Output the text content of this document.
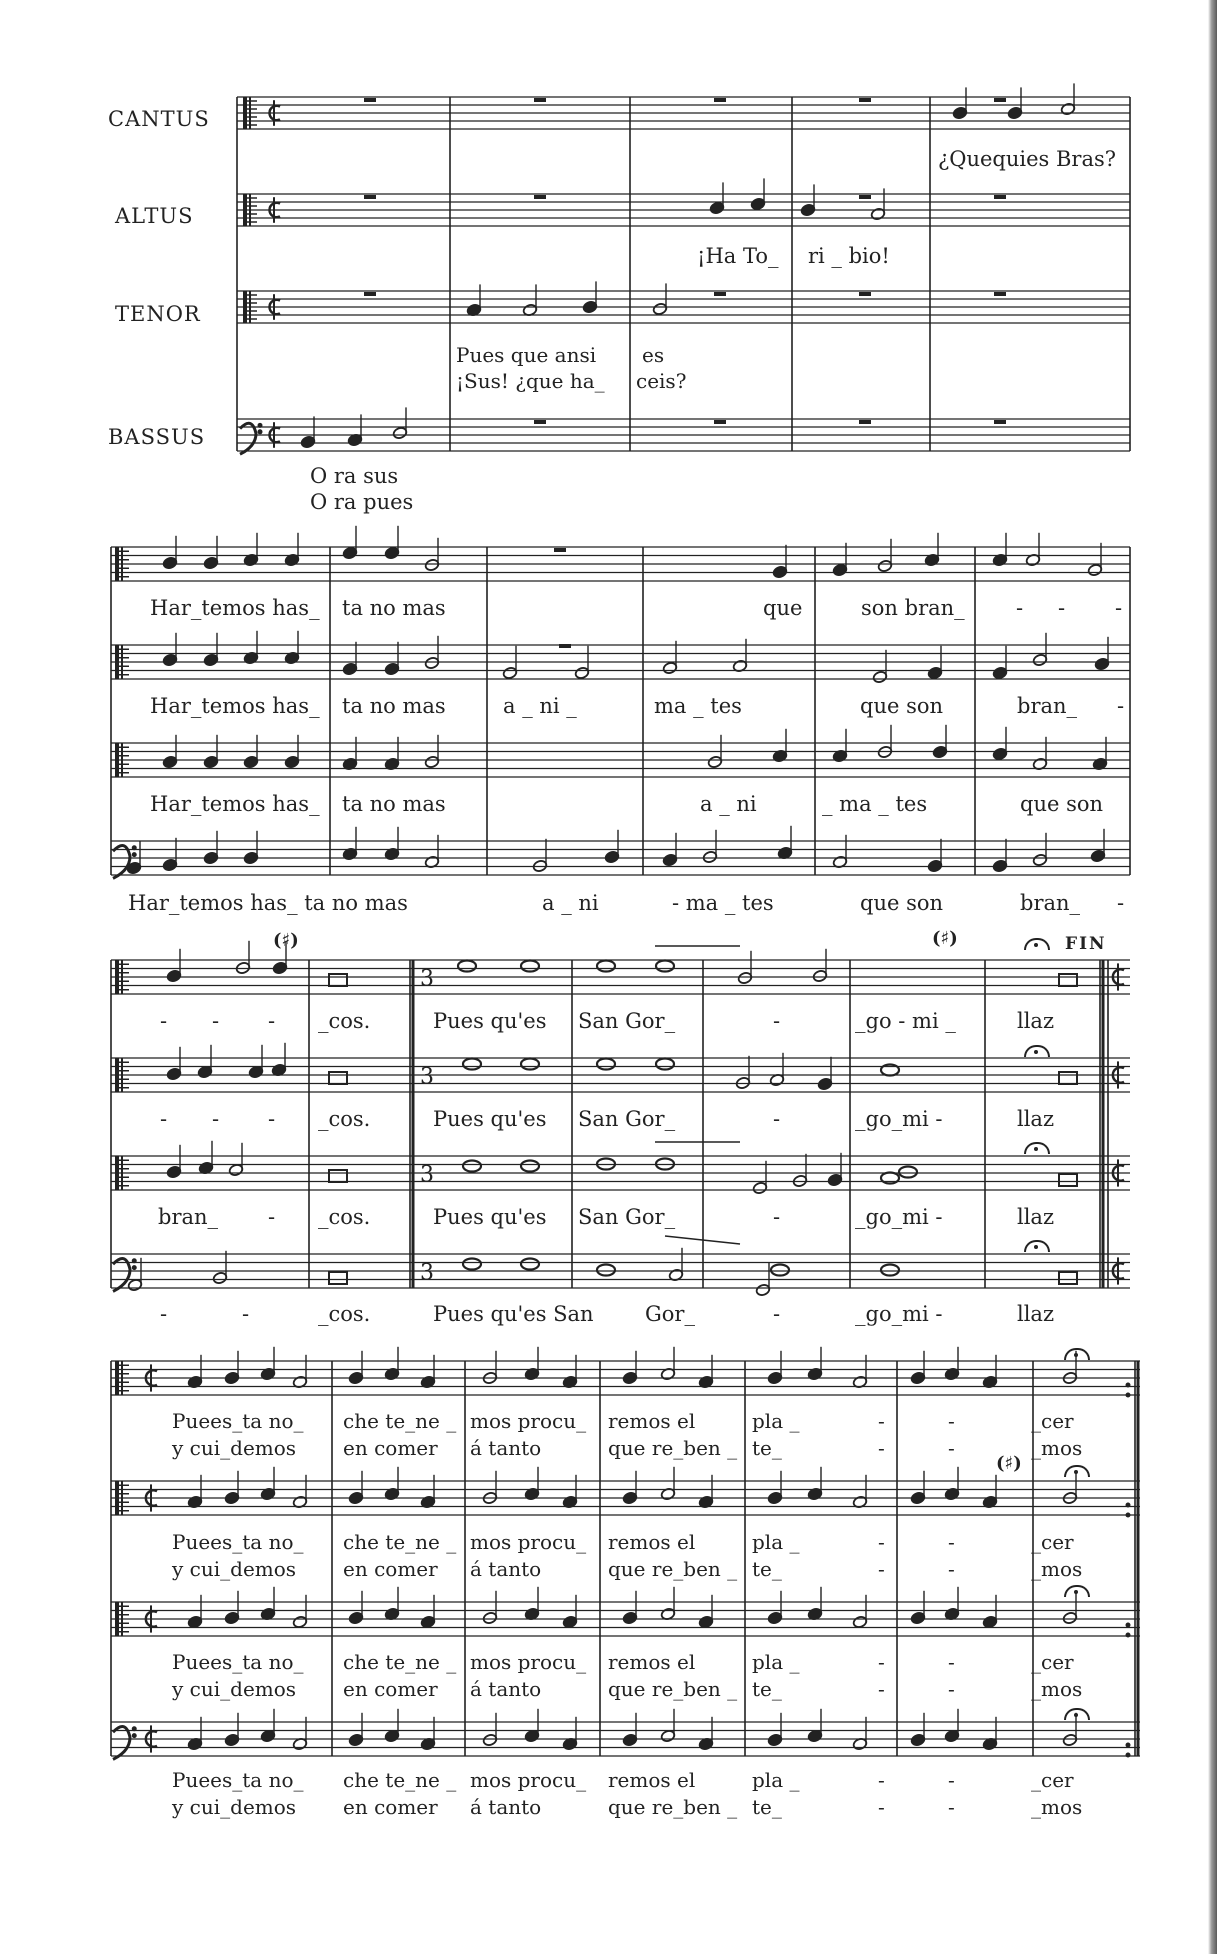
3
3
3
3
CANTUS
ALTUS
TENOR
BASSUS
¿Quequies Bras?
¡Ha To_ ri _ bio!
Pues que ansi es
¡Sus! ¿que ha_ ceis?
O ra sus
O ra pues
Har_temos has_ ta no mas	que	son bran_ - - -
Har_temos has_ ta no mas	a _ ni _	ma _ tes	que son	bran_ -
Har_temos has_ ta no mas	a _ ni	_ ma _ tes	que son
Har_temos has_ ta no mas	a _ ni	- ma _ tes	que son	bran_ -
(♯)	(♯)	FIN
- - - _cos.	Pues qu'es San Gor_	-	_go - mi _	llaz
- - - _cos.	Pues qu'es San Gor_	-	_go_mi -	llaz
bran_ - _cos.	Pues qu'es San Gor_	-	_go_mi -	llaz
-	-	_cos.	Pues qu'es San Gor_	-	_go_mi -	llaz
Puees_ta no_ che te_ne _ mos procu_ remos el	pla _	-	-	_cer
y cui_demos en comer á tanto	que re_ben _ te_	-	-	_mos
Puees_ta no_ che te_ne _ mos procu_ remos el	pla _	-	-	_cer
y cui_demos en comer á tanto	que re_ben _ te_	-	-	_mos
Puees_ta no_ che te_ne _ mos procu_ remos el	pla _	-	-	_cer
y cui_demos en comer á tanto	que re_ben _ te_	-	-	_mos
Puees_ta no_ che te_ne _ mos procu_ remos el	pla _	-	-	_cer
y cui_demos en comer á tanto	que re_ben _ te_	-	-	_mos
(♯)
